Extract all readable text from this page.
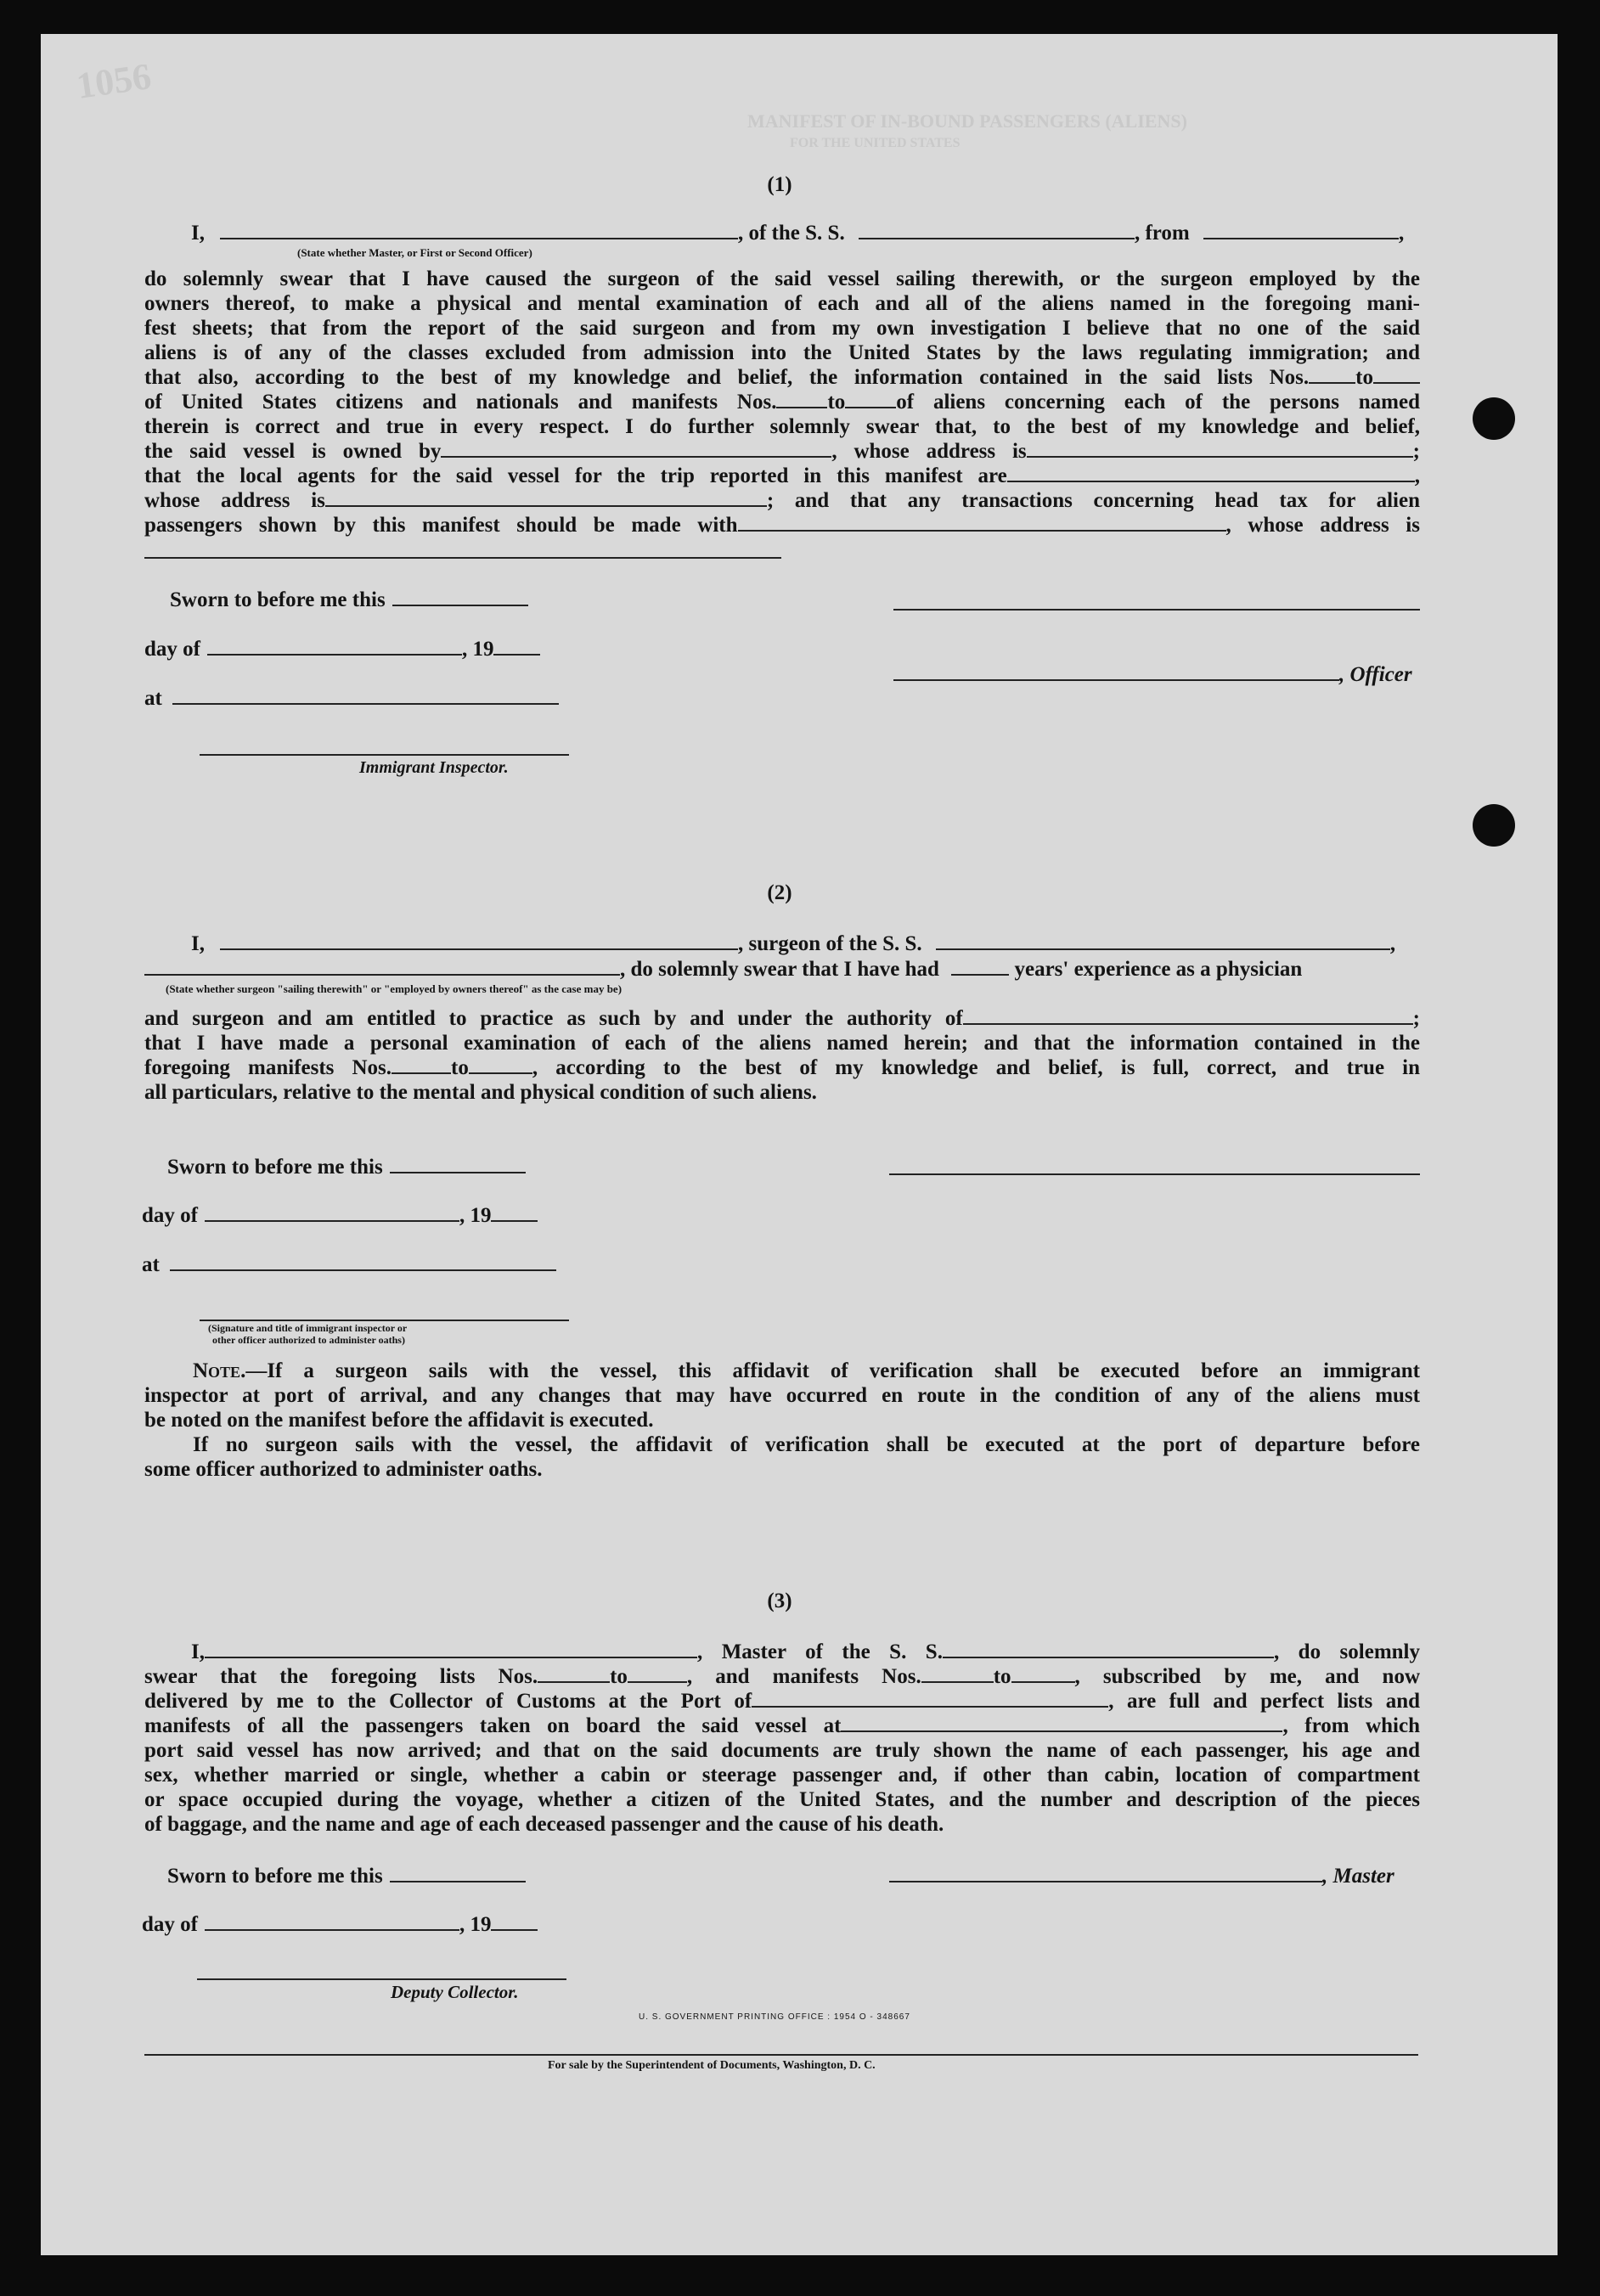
1056
MANIFEST OF IN-BOUND PASSENGERS (ALIENS)
FOR THE UNITED STATES
(1)
I,	, of the S. S.	, from	,
(State whether Master, or First or Second Officer)
do solemnly swear that I have caused the surgeon of the said vessel sailing therewith, or the surgeon employed by the
owners thereof, to make a physical and mental examination of each and all of the aliens named in the foregoing mani-
fest sheets; that from the report of the said surgeon and from my own investigation I believe that no one of the said
aliens is of any of the classes excluded from admission into the United States by the laws regulating immigration; and
that also, according to the best of my knowledge and belief, the information contained in the said lists Nos. to
of United States citizens and nationals and manifests Nos. to of aliens concerning each of the persons named
therein is correct and true in every respect. I do further solemnly swear that, to the best of my knowledge and belief,
the said vessel is owned by	, whose address is	;
that the local agents for the said vessel for the trip reported in this manifest are	,
whose address is	; and that any transactions concerning head tax for alien
passengers shown by this manifest should be made with	, whose address is
Sworn to before me this
day of	, 19
, Officer
at
Immigrant Inspector.
(2)
I,	, surgeon of the S. S.	,
, do solemnly swear that I have had	years' experience as a physician
(State whether surgeon "sailing therewith" or "employed by owners thereof" as the case may be)
and surgeon and am entitled to practice as such by and under the authority of	;
that I have made a personal examination of each of the aliens named herein; and that the information contained in the
foregoing manifests Nos.	to	, according to the best of my knowledge and belief, is full, correct, and true in
all particulars, relative to the mental and physical condition of such aliens.
Sworn to before me this
day of	, 19
at
(Signature and title of immigrant inspector or
other officer authorized to administer oaths)
Note.—If a surgeon sails with the vessel, this affidavit of verification shall be executed before an immigrant
inspector at port of arrival, and any changes that may have occurred en route in the condition of any of the aliens must
be noted on the manifest before the affidavit is executed.
If no surgeon sails with the vessel, the affidavit of verification shall be executed at the port of departure before
some officer authorized to administer oaths.
(3)
I,	, Master of the S. S.	, do solemnly
swear that the foregoing lists Nos.	to	, and manifests Nos.	to	, subscribed by me, and now
delivered by me to the Collector of Customs at the Port of	, are full and perfect lists and
manifests of all the passengers taken on board the said vessel at	, from which
port said vessel has now arrived; and that on the said documents are truly shown the name of each passenger, his age and
sex, whether married or single, whether a cabin or steerage passenger and, if other than cabin, location of compartment
or space occupied during the voyage, whether a citizen of the United States, and the number and description of the pieces
of baggage, and the name and age of each deceased passenger and the cause of his death.
Sworn to before me this	, Master
day of	, 19
Deputy Collector.
U. S. GOVERNMENT PRINTING OFFICE : 1954 O - 348667
For sale by the Superintendent of Documents, Washington, D. C.
